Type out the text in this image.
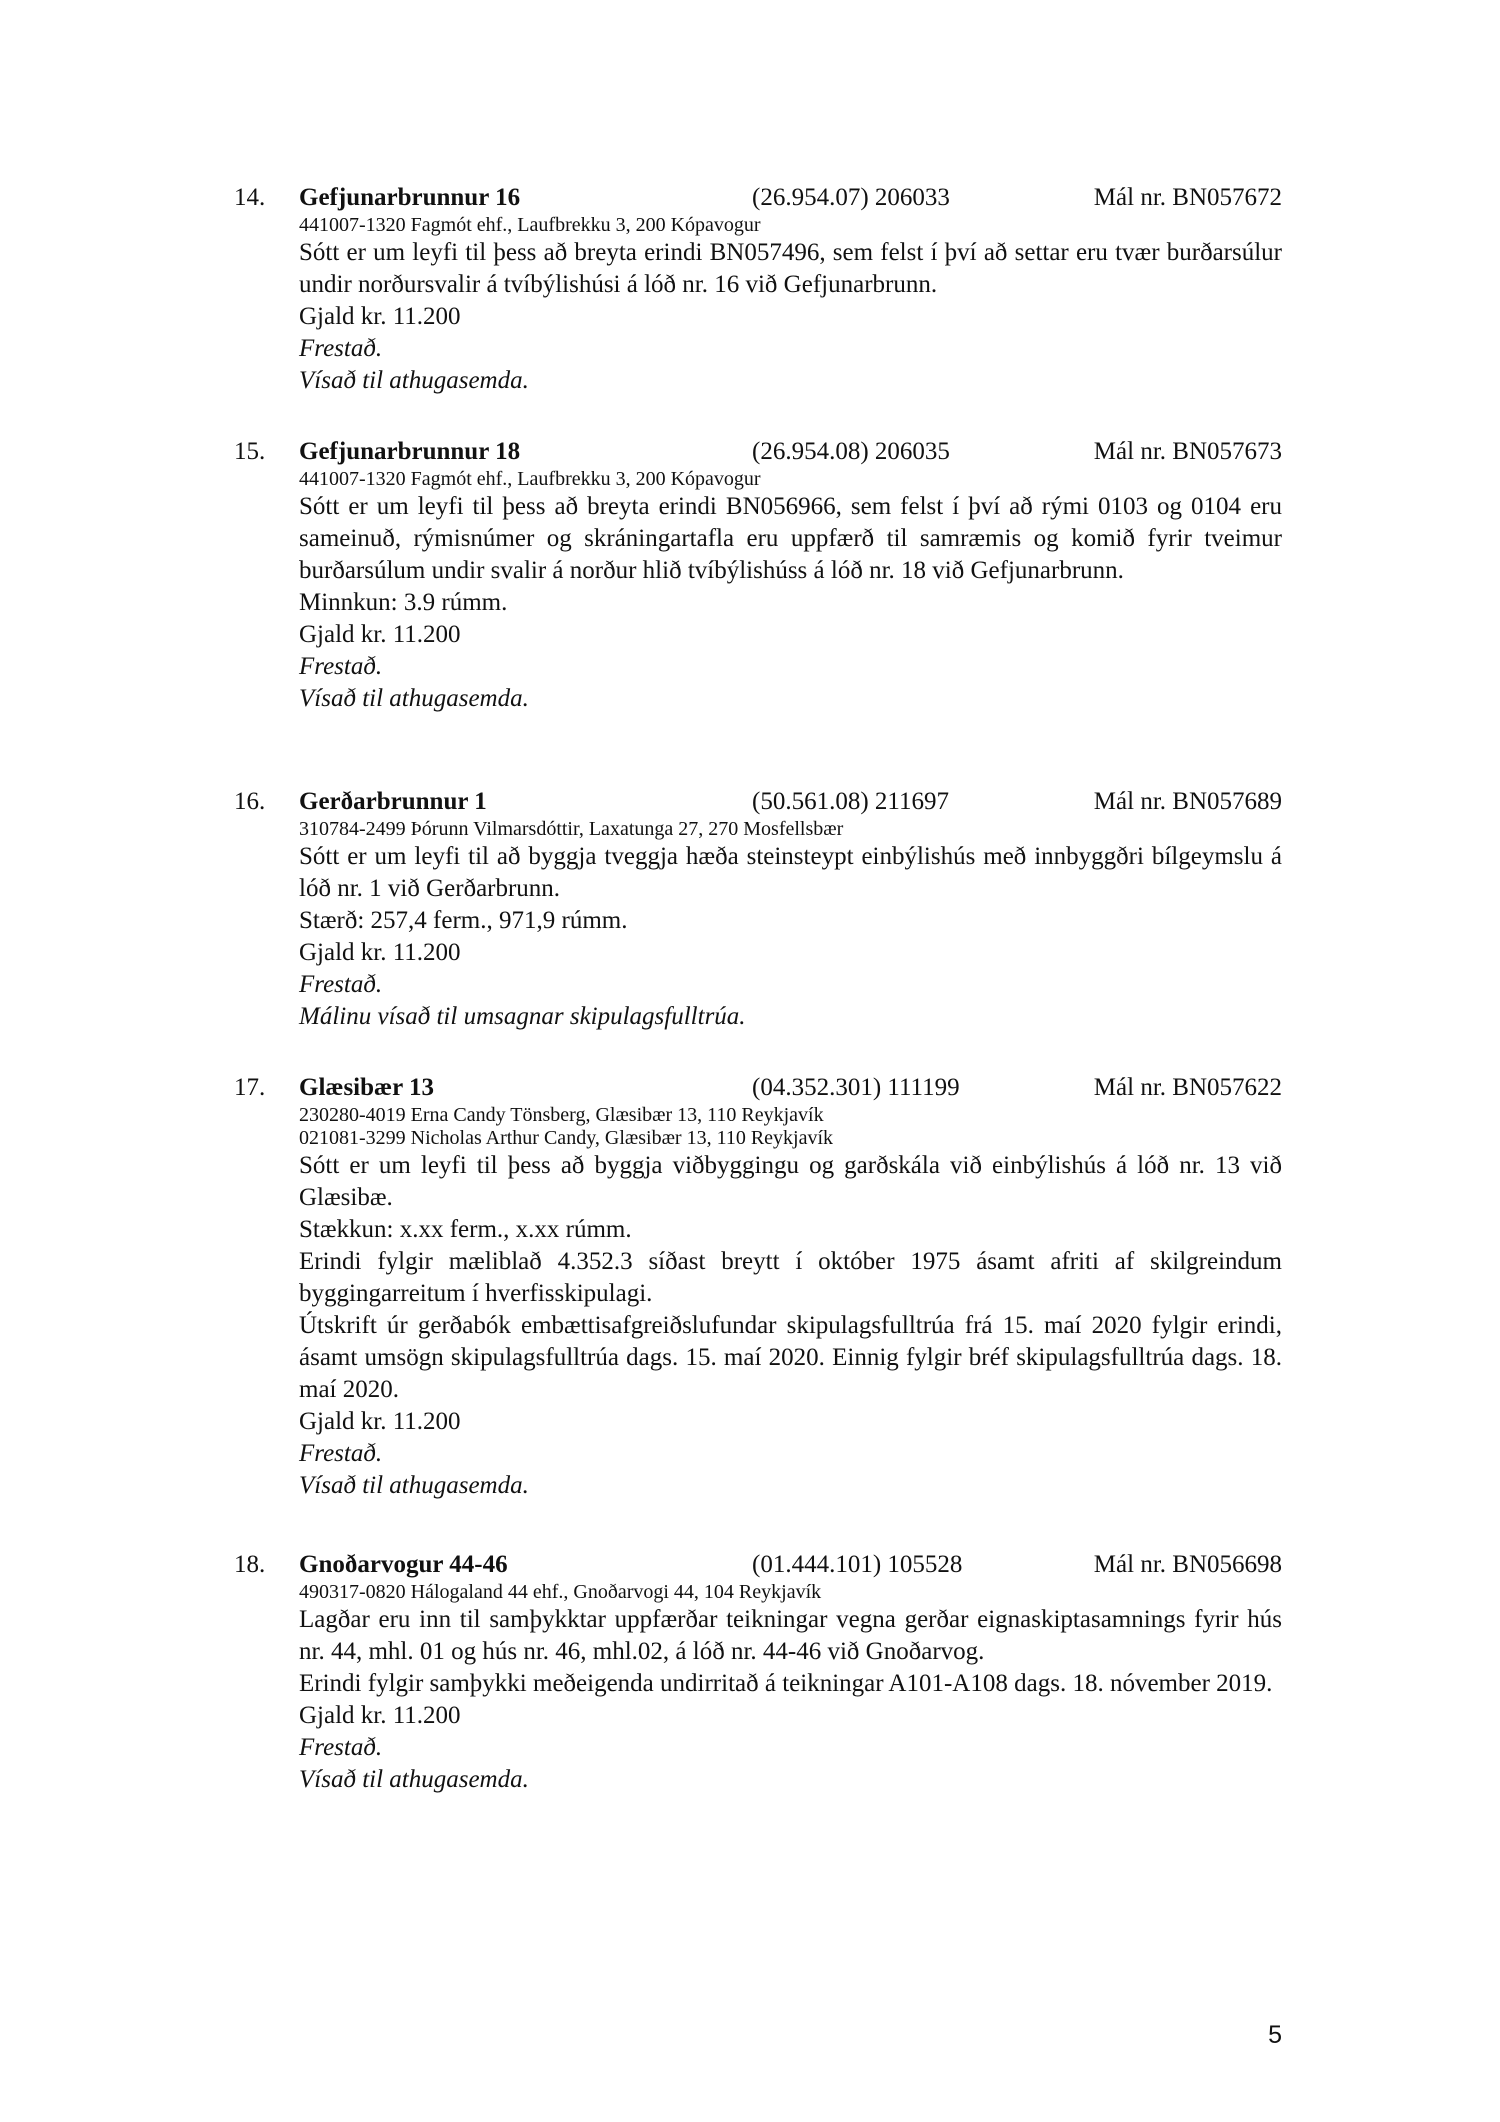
14. Gefjunarbrunnur 16	(26.954.07) 206033	Mál nr. BN057672
441007-1320 Fagmót ehf., Laufbrekku 3, 200 Kópavogur

Sótt er um leyfi til þess að breyta erindi BN057496, sem felst í því að settar eru tvær burðarsúlur undir norðursvalir á tvíbýlishúsi á lóð nr. 16 við Gefjunarbrunn.

Gjald kr. 11.200

Frestað.

Vísað til athugasemda.

15. Gefjunarbrunnur 18	(26.954.08) 206035	Mál nr. BN057673
441007-1320 Fagmót ehf., Laufbrekku 3, 200 Kópavogur

Sótt er um leyfi til þess að breyta erindi BN056966, sem felst í því að rými 0103 og 0104 eru sameinuð, rýmisnúmer og skráningartafla eru uppfærð til samræmis og komið fyrir tveimur burðarsúlum undir svalir á norður hlið tvíbýlishúss á lóð nr. 18 við Gefjunarbrunn.

Minnkun: 3.9 rúmm.

Gjald kr. 11.200

Frestað.

Vísað til athugasemda.

16. Gerðarbrunnur 1	(50.561.08) 211697	Mál nr. BN057689
310784-2499 Þórunn Vilmarsdóttir, Laxatunga 27, 270 Mosfellsbær

Sótt er um leyfi til að byggja tveggja hæða steinsteypt einbýlishús með innbyggðri bílgeymslu á lóð nr. 1 við Gerðarbrunn.

Stærð: 257,4 ferm., 971,9 rúmm.

Gjald kr. 11.200

Frestað.

Málinu vísað til umsagnar skipulagsfulltrúa.

17. Glæsibær 13	(04.352.301) 111199	Mál nr. BN057622
230280-4019 Erna Candy Tönsberg, Glæsibær 13, 110 Reykjavík
021081-3299 Nicholas Arthur Candy, Glæsibær 13, 110 Reykjavík

Sótt er um leyfi til þess að byggja viðbyggingu og garðskála við einbýlishús á lóð nr. 13 við Glæsibæ.

Stækkun: x.xx ferm., x.xx rúmm.

Erindi fylgir mæliblað 4.352.3 síðast breytt í október 1975 ásamt afriti af skilgreindum byggingarreitum í hverfisskipulagi.

Útskrift úr gerðabók embættisafgreiðslufundar skipulagsfulltrúa frá 15. maí 2020 fylgir erindi, ásamt umsögn skipulagsfulltrúa dags. 15. maí 2020. Einnig fylgir bréf skipulagsfulltrúa dags. 18. maí 2020.

Gjald kr. 11.200

Frestað.

Vísað til athugasemda.

18. Gnoðarvogur 44-46	(01.444.101) 105528	Mál nr. BN056698
490317-0820 Hálogaland 44 ehf., Gnoðarvogi 44, 104 Reykjavík

Lagðar eru inn til samþykktar uppfærðar teikningar vegna gerðar eignaskiptasamnings fyrir hús nr. 44, mhl. 01 og hús nr. 46, mhl.02, á lóð nr. 44-46 við Gnoðarvog.

Erindi fylgir samþykki meðeigenda undirritað á teikningar A101-A108 dags. 18. nóvember 2019.

Gjald kr. 11.200

Frestað.

Vísað til athugasemda.

5
